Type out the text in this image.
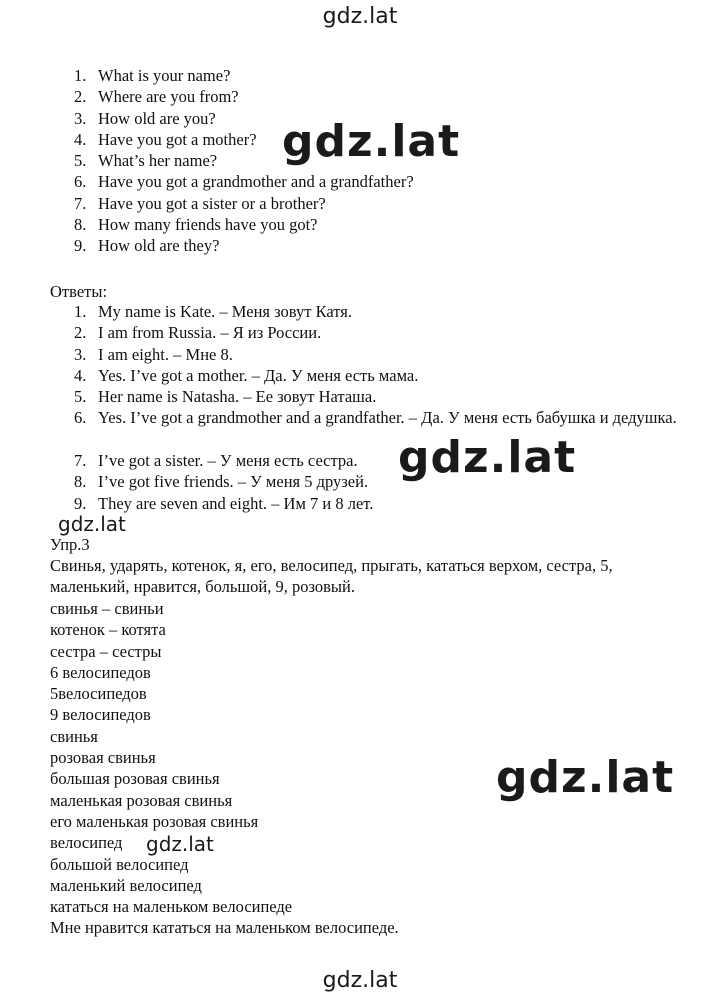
gdz.lat
1. What is your name?
2. Where are you from?
3. How old are you?
4. Have you got a mother?
5. What’s her name?
6. Have you got a grandmother and a grandfather?
7. Have you got a sister or a brother?
8. How many friends have you got?
9. How old are they?
Ответы:
1. My name is Kate. – Меня зовут Катя.
2. I am from Russia. – Я из России.
3. I am eight. – Мне 8.
4. Yes. I’ve got a mother. – Да. У меня есть мама.
5. Her name is Natasha. – Ее зовут Наташа.
6. Yes. I’ve got a grandmother and a grandfather. – Да. У меня есть бабушка и дедушка.
7. I’ve got a sister. – У меня есть сестра.
8. I’ve got five friends. – У меня 5 друзей.
9. They are seven and eight. – Им 7 и 8 лет.
Упр.3
Свинья, ударять, котенок, я, его, велосипед, прыгать, кататься верхом, сестра, 5, маленький, нравится, большой, 9, розовый.
свинья – свиньи
котенок – котята
сестра – сестры
6 велосипедов
5велосипедов
9 велосипедов
свинья
розовая свинья
большая розовая свинья
маленькая розовая свинья
его маленькая розовая свинья
велосипед
большой велосипед
маленький велосипед
кататься на маленьком велосипеде
Мне нравится кататься на маленьком велосипеде.
gdz.lat
gdz.lat
gdz.lat
gdz.lat
gdz.lat
gdz.lat
